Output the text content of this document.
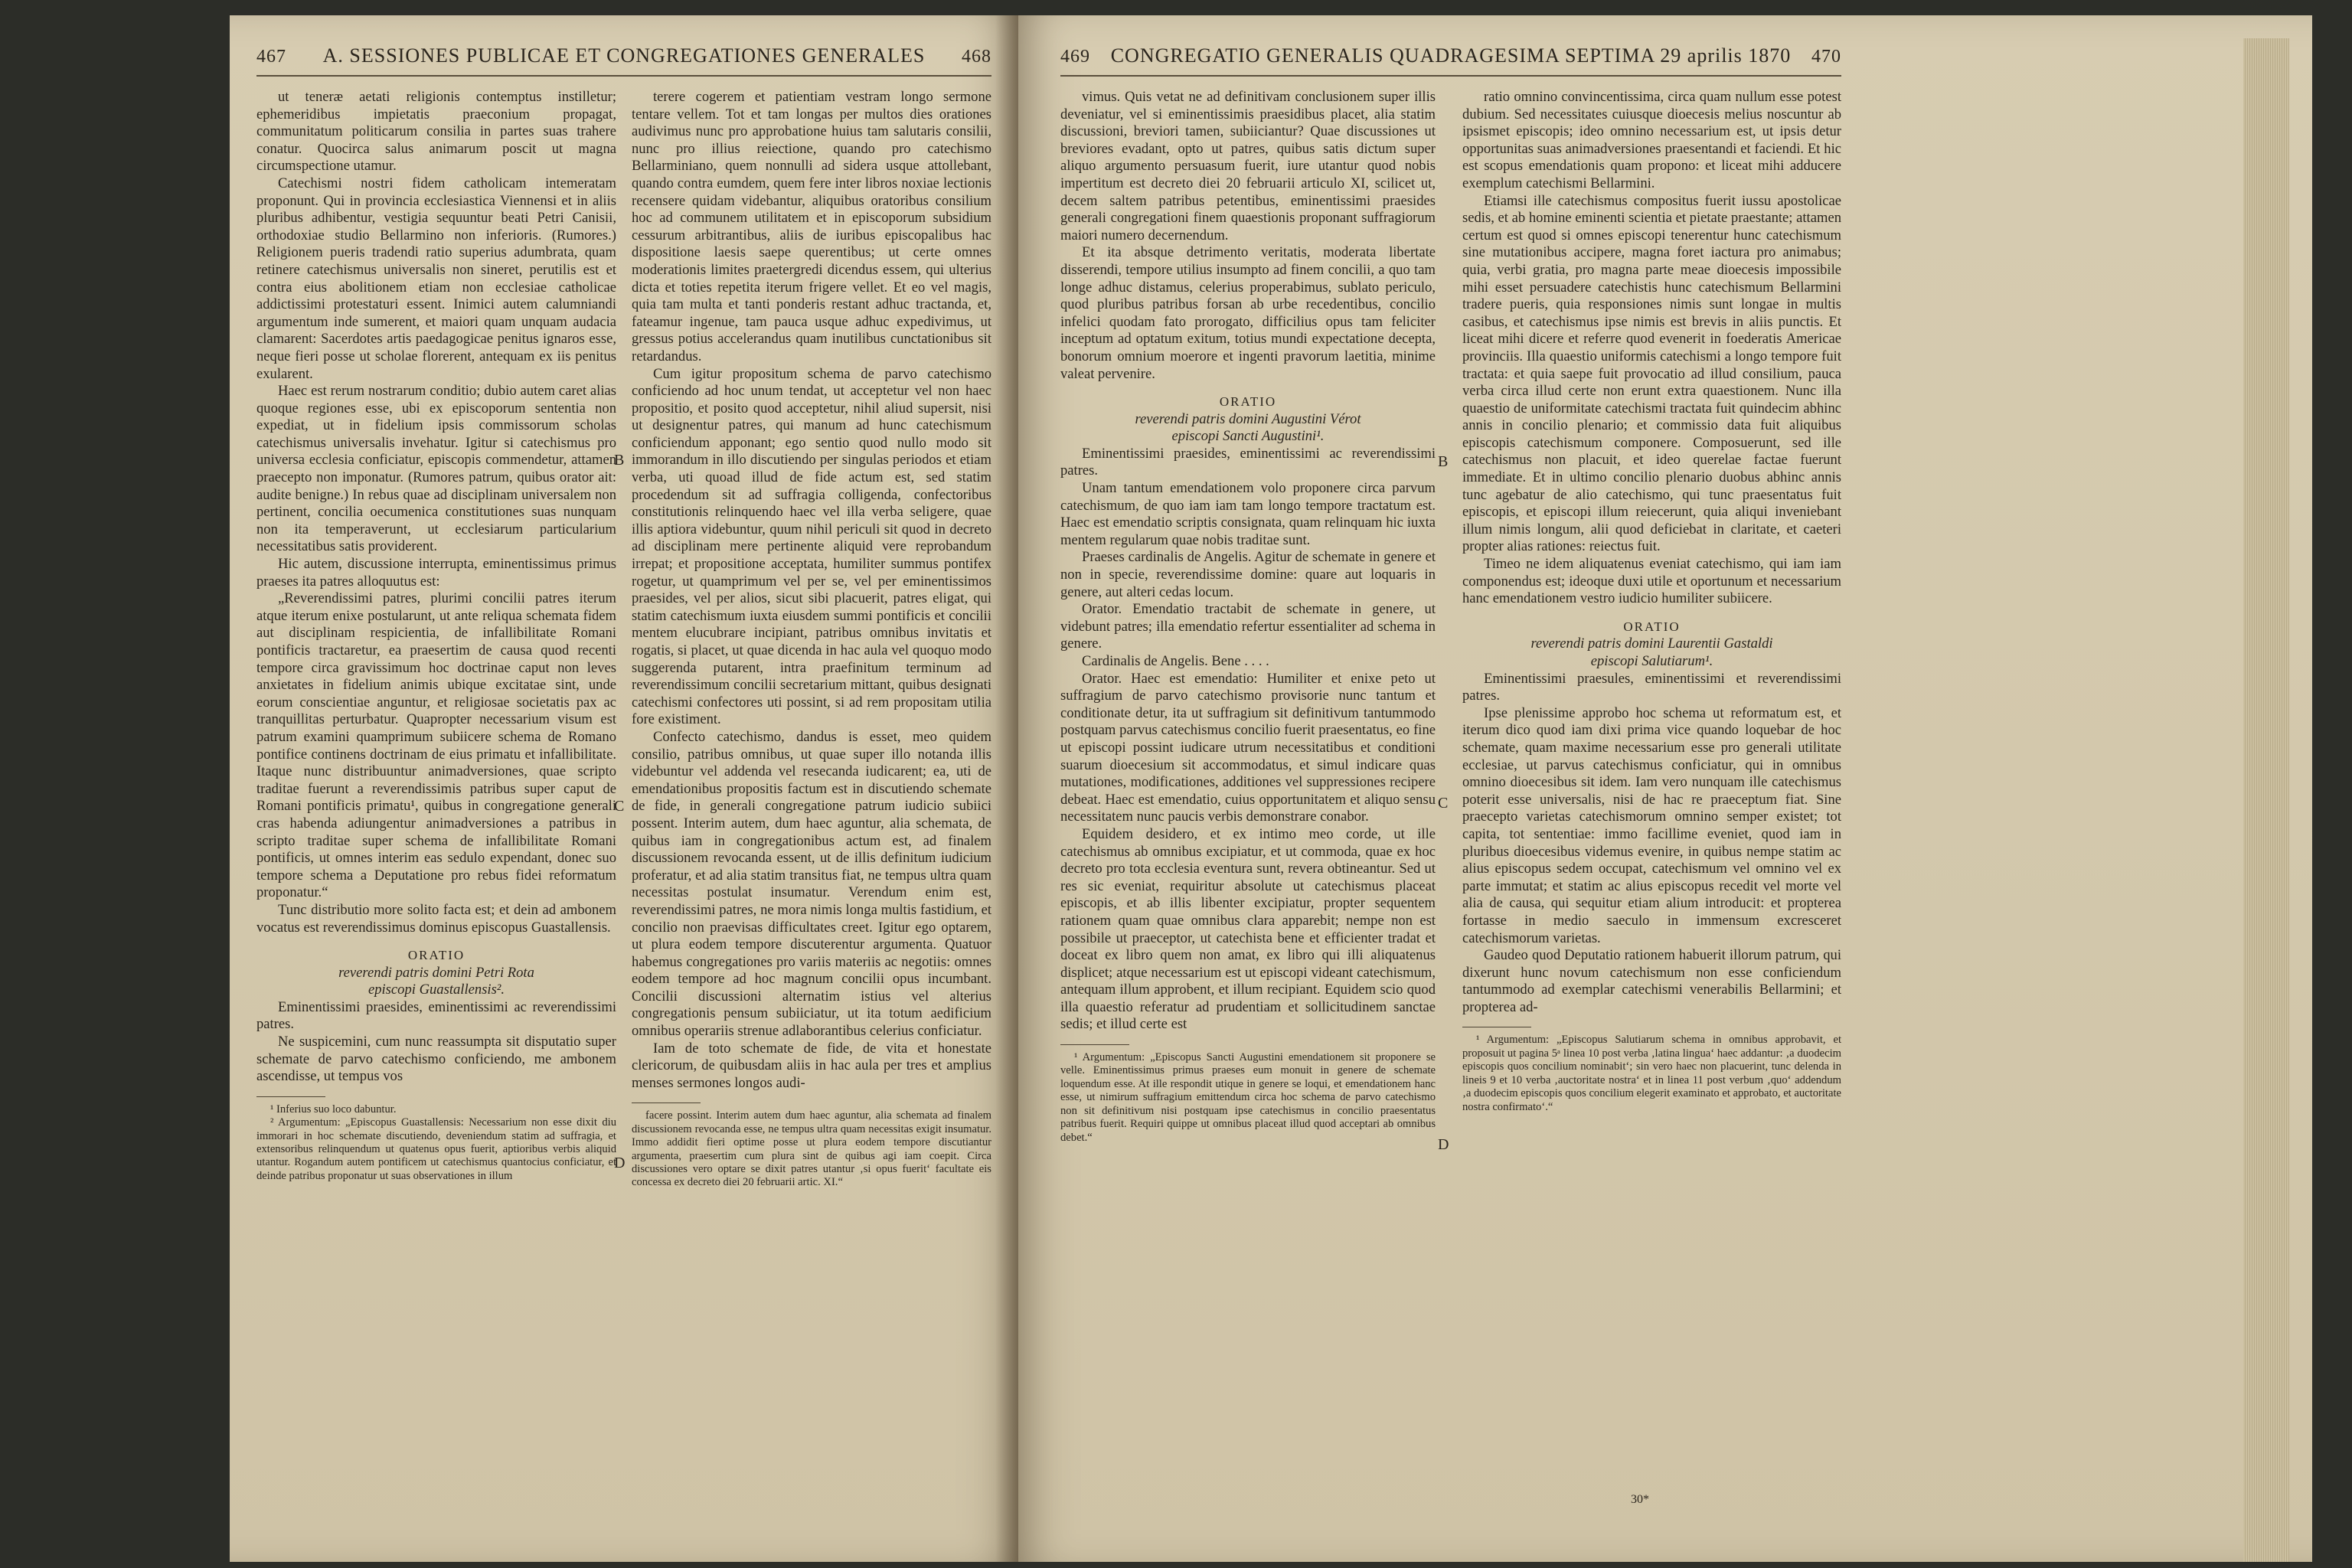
467 A. SESSIONES PUBLICAE ET CONGREGATIONES GENERALES 468

ut teneræ aetati religionis contemptus instilletur; ephemeridibus impietatis praeconium propagat, communitatum politicarum consilia in partes suas trahere conatur. Quocirca salus animarum poscit ut magna circumspectione utamur.

Catechismi nostri fidem catholicam intemeratam proponunt. Qui in provincia ecclesiastica Viennensi et in aliis pluribus adhibentur, vestigia sequuntur beati Petri Canisii, orthodoxiae studio Bellarmino non inferioris. (Rumores.) Religionem pueris tradendi ratio superius adumbrata, quam retinere catechismus universalis non sineret, perutilis est et contra eius abolitionem etiam non ecclesiae catholicae addictissimi protestaturi essent. Inimici autem calumniandi argumentum inde sumerent, et maiori quam unquam audacia clamarent: Sacerdotes artis paedagogicae penitus ignaros esse, neque fieri posse ut scholae florerent, antequam ex iis penitus exularent.

Haec est rerum nostrarum conditio; dubio autem caret alias quoque regiones esse, ubi ex episcoporum sententia non expediat, ut in fidelium ipsis commissorum scholas catechismus universalis invehatur. Igitur si catechismus pro universa ecclesia conficiatur, episcopis commendetur, attamen praecepto non imponatur. (Rumores patrum, quibus orator ait: audite benigne.) In rebus quae ad disciplinam universalem non pertinent, concilia oecumenica constitutiones suas nunquam non ita temperaverunt, ut ecclesiarum particularium necessitatibus satis providerent.

Hic autem, discussione interrupta, eminentissimus primus praeses ita patres alloquutus est:

„Reverendissimi patres, plurimi concilii patres iterum atque iterum enixe postularunt, ut ante reliqua schemata fidem aut disciplinam respicientia, de infallibilitate Romani pontificis tractaretur, ea praesertim de causa quod recenti tempore circa gravissimum hoc doctrinae caput non leves anxietates in fidelium animis ubique excitatae sint, unde eorum conscientiae anguntur, et religiosae societatis pax ac tranquillitas perturbatur. Quapropter necessarium visum est patrum examini quamprimum subiicere schema de Romano pontifice continens doctrinam de eius primatu et infallibilitate. Itaque nunc distribuuntur animadversiones, quae scripto traditae fuerunt a reverendissimis patribus super caput de Romani pontificis primatu¹, quibus in congregatione generali cras habenda adiungentur animadversiones a patribus in scripto traditae super schema de infallibilitate Romani pontificis, ut omnes interim eas sedulo expendant, donec suo tempore schema a Deputatione pro rebus fidei reformatum proponatur.“

Tunc distributio more solito facta est; et dein ad ambonem vocatus est reverendissimus dominus episcopus Guastallensis.

ORATIO

reverendi patris domini Petri Rota

episcopi Guastallensis².

Eminentissimi praesides, eminentissimi ac reverendissimi patres.

Ne suspicemini, cum nunc reassumpta sit disputatio super schemate de parvo catechismo conficiendo, me ambonem ascendisse, ut tempus vos

¹ Inferius suo loco dabuntur.

² Argumentum: „Episcopus Guastallensis: Necessarium non esse dixit diu immorari in hoc schemate discutiendo, deveniendum statim ad suffragia, et extensoribus relinquendum ut quatenus opus fuerit, aptioribus verbis aliquid utantur. Rogandum autem pontificem ut catechismus quantocius conficiatur, et deinde patribus proponatur ut suas observationes in illum

terere cogerem et patientiam vestram longo sermone tentare vellem. Tot et tam longas per multos dies orationes audivimus nunc pro approbatione huius tam salutaris consilii, nunc pro illius reiectione, quando pro catechismo Bellarminiano, quem nonnulli ad sidera usque attollebant, quando contra eumdem, quem fere inter libros noxiae lectionis recensere quidam videbantur, aliquibus oratoribus consilium hoc ad communem utilitatem et in episcoporum subsidium cessurum arbitrantibus, aliis de iuribus episcopalibus hac dispositione laesis saepe querentibus; ut certe omnes moderationis limites praetergredi dicendus essem, qui ulterius dicta et toties repetita iterum frigere vellet. Et eo vel magis, quia tam multa et tanti ponderis restant adhuc tractanda, et, fateamur ingenue, tam pauca usque adhuc expedivimus, ut gressus potius accelerandus quam inutilibus cunctationibus sit retardandus.

Cum igitur propositum schema de parvo catechismo conficiendo ad hoc unum tendat, ut acceptetur vel non haec propositio, et posito quod acceptetur, nihil aliud supersit, nisi ut designentur patres, qui manum ad hunc catechismum conficiendum apponant; ego sentio quod nullo modo sit immorandum in illo discutiendo per singulas periodos et etiam verba, uti quoad illud de fide actum est, sed statim procedendum sit ad suffragia colligenda, confectoribus constitutionis relinquendo haec vel illa verba seligere, quae illis aptiora videbuntur, quum nihil periculi sit quod in decreto ad disciplinam mere pertinente aliquid vere reprobandum irrepat; et propositione acceptata, humiliter summus pontifex rogetur, ut quamprimum vel per se, vel per eminentissimos praesides, vel per alios, sicut sibi placuerit, patres eligat, qui statim catechismum iuxta eiusdem summi pontificis et concilii mentem elucubrare incipiant, patribus omnibus invitatis et rogatis, si placet, ut quae dicenda in hac aula vel quoquo modo suggerenda putarent, intra praefinitum terminum ad reverendissimum concilii secretarium mittant, quibus designati catechismi confectores uti possint, si ad rem propositam utilia fore existiment.

Confecto catechismo, dandus is esset, meo quidem consilio, patribus omnibus, ut quae super illo notanda illis videbuntur vel addenda vel resecanda iudicarent; ea, uti de emendationibus propositis factum est in discutiendo schemate de fide, in generali congregatione patrum iudicio subiici possent. Interim autem, dum haec aguntur, alia schemata, de quibus iam in congregationibus actum est, ad finalem discussionem revocanda essent, ut de illis definitum iudicium proferatur, et ad alia statim transitus fiat, ne tempus ultra quam necessitas postulat insumatur. Verendum enim est, reverendissimi patres, ne mora nimis longa multis fastidium, et concilio non praevisas difficultates creet. Igitur ego optarem, ut plura eodem tempore discuterentur argumenta. Quatuor habemus congregationes pro variis materiis ac negotiis: omnes eodem tempore ad hoc magnum concilii opus incumbant. Concilii discussioni alternatim istius vel alterius congregationis pensum subiiciatur, ut ita totum aedificium omnibus operariis strenue adlaborantibus celerius conficiatur.

Iam de toto schemate de fide, de vita et honestate clericorum, de quibusdam aliis in hac aula per tres et amplius menses sermones longos audi-

facere possint. Interim autem dum haec aguntur, alia schemata ad finalem discussionem revocanda esse, ne tempus ultra quam necessitas exigit insumatur. Immo addidit fieri optime posse ut plura eodem tempore discutiantur argumenta, praesertim cum plura sint de quibus agi iam coepit. Circa discussiones vero optare se dixit patres utantur ‚si opus fuerit‘ facultate eis concessa ex decreto diei 20 februarii artic. XI.“

B
C
D
469 CONGREGATIO GENERALIS QUADRAGESIMA SEPTIMA 29 aprilis 1870 470

vimus. Quis vetat ne ad definitivam conclusionem super illis deveniatur, vel si eminentissimis praesidibus placet, alia statim discussioni, breviori tamen, subiiciantur? Quae discussiones ut breviores evadant, opto ut patres, quibus satis dictum super aliquo argumento persuasum fuerit, iure utantur quod nobis impertitum est decreto diei 20 februarii articulo XI, scilicet ut, decem saltem patribus petentibus, eminentissimi praesides generali congregationi finem quaestionis proponant suffragiorum maiori numero decernendum.

Et ita absque detrimento veritatis, moderata libertate disserendi, tempore utilius insumpto ad finem concilii, a quo tam longe adhuc distamus, celerius properabimus, sublato periculo, quod pluribus patribus forsan ab urbe recedentibus, concilio infelici quodam fato prorogato, difficilius opus tam feliciter inceptum ad optatum exitum, totius mundi expectatione decepta, bonorum omnium moerore et ingenti pravorum laetitia, minime valeat pervenire.

ORATIO

reverendi patris domini Augustini Vérot

episcopi Sancti Augustini¹.

Eminentissimi praesides, eminentissimi ac reverendissimi patres.

Unam tantum emendationem volo proponere circa parvum catechismum, de quo iam iam tam longo tempore tractatum est. Haec est emendatio scriptis consignata, quam relinquam hic iuxta mentem regularum quae nobis traditae sunt.

Praeses cardinalis de Angelis. Agitur de schemate in genere et non in specie, reverendissime domine: quare aut loquaris in genere, aut alteri cedas locum.

Orator. Emendatio tractabit de schemate in genere, ut videbunt patres; illa emendatio refertur essentialiter ad schema in genere.

Cardinalis de Angelis. Bene . . . .

Orator. Haec est emendatio: Humiliter et enixe peto ut suffragium de parvo catechismo provisorie nunc tantum et conditionate detur, ita ut suffragium sit definitivum tantummodo postquam parvus catechismus concilio fuerit praesentatus, eo fine ut episcopi possint iudicare utrum necessitatibus et conditioni suarum dioecesium sit accommodatus, et simul indicare quas mutationes, modificationes, additiones vel suppressiones recipere debeat. Haec est emendatio, cuius opportunitatem et aliquo sensu necessitatem nunc paucis verbis demonstrare conabor.

Equidem desidero, et ex intimo meo corde, ut ille catechismus ab omnibus excipiatur, et ut commoda, quae ex hoc decreto pro tota ecclesia eventura sunt, revera obtineantur. Sed ut res sic eveniat, requiritur absolute ut catechismus placeat episcopis, et ab illis libenter excipiatur, propter sequentem rationem quam quae omnibus clara apparebit; nempe non est possibile ut praeceptor, ut catechista bene et efficienter tradat et doceat ex libro quem non amat, ex libro qui illi aliquatenus displicet; atque necessarium est ut episcopi videant catechismum, antequam illum approbent, et illum recipiant. Equidem scio quod illa quaestio referatur ad prudentiam et sollicitudinem sanctae sedis; et illud certe est

¹ Argumentum: „Episcopus Sancti Augustini emendationem sit proponere se velle. Eminentissimus primus praeses eum monuit in genere de schemate loquendum esse. At ille respondit utique in genere se loqui, et emendationem hanc esse, ut nimirum suffragium emittendum circa hoc schema de parvo catechismo non sit definitivum nisi postquam ipse catechismus in concilio praesentatus patribus fuerit. Requiri quippe ut omnibus placeat illud quod acceptari ab omnibus debet.“

ratio omnino convincentissima, circa quam nullum esse potest dubium. Sed necessitates cuiusque dioecesis melius noscuntur ab ipsismet episcopis; ideo omnino necessarium est, ut ipsis detur opportunitas suas animadversiones praesentandi et faciendi. Et hic est scopus emendationis quam propono: et liceat mihi adducere exemplum catechismi Bellarmini.

Etiamsi ille catechismus compositus fuerit iussu apostolicae sedis, et ab homine eminenti scientia et pietate praestante; attamen certum est quod si omnes episcopi tenerentur hunc catechismum sine mutationibus accipere, magna foret iactura pro animabus; quia, verbi gratia, pro magna parte meae dioecesis impossibile mihi esset persuadere catechistis hunc catechismum Bellarmini tradere pueris, quia responsiones nimis sunt longae in multis casibus, et catechismus ipse nimis est brevis in aliis punctis. Et liceat mihi dicere et referre quod evenerit in foederatis Americae provinciis. Illa quaestio uniformis catechismi a longo tempore fuit tractata: et quia saepe fuit provocatio ad illud consilium, pauca verba circa illud certe non erunt extra quaestionem. Nunc illa quaestio de uniformitate catechismi tractata fuit quindecim abhinc annis in concilio plenario; et commissio data fuit aliquibus episcopis catechismum componere. Composuerunt, sed ille catechismus non placuit, et ideo querelae factae fuerunt immediate. Et in ultimo concilio plenario duobus abhinc annis tunc agebatur de alio catechismo, qui tunc praesentatus fuit episcopis, et episcopi illum reiecerunt, quia aliqui inveniebant illum nimis longum, alii quod deficiebat in claritate, et caeteri propter alias rationes: reiectus fuit.

Timeo ne idem aliquatenus eveniat catechismo, qui iam iam componendus est; ideoque duxi utile et oportunum et necessarium hanc emendationem vestro iudicio humiliter subiicere.

ORATIO

reverendi patris domini Laurentii Gastaldi

episcopi Salutiarum¹.

Eminentissimi praesules, eminentissimi et reverendissimi patres.

Ipse plenissime approbo hoc schema ut reformatum est, et iterum dico quod iam dixi prima vice quando loquebar de hoc schemate, quam maxime necessarium esse pro generali utilitate ecclesiae, ut parvus catechismus conficiatur, qui in omnibus omnino dioecesibus sit idem. Iam vero nunquam ille catechismus poterit esse universalis, nisi de hac re praeceptum fiat. Sine praecepto varietas catechismorum omnino semper existet; tot capita, tot sententiae: immo facillime eveniet, quod iam in pluribus dioecesibus videmus evenire, in quibus nempe statim ac alius episcopus sedem occupat, catechismum vel omnino vel ex parte immutat; et statim ac alius episcopus recedit vel morte vel alia de causa, qui sequitur etiam alium introducit: et propterea fortasse in medio saeculo in immensum excresceret catechismorum varietas.

Gaudeo quod Deputatio rationem habuerit illorum patrum, qui dixerunt hunc novum catechismum non esse conficiendum tantummodo ad exemplar catechismi venerabilis Bellarmini; et propterea ad-

¹ Argumentum: „Episcopus Salutiarum schema in omnibus approbavit, et proposuit ut pagina 5ᵃ linea 10 post verba ‚latina lingua‘ haec addantur: ‚a duodecim episcopis quos concilium nominabit‘; sin vero haec non placuerint, tunc delenda in lineis 9 et 10 verba ‚auctoritate nostra‘ et in linea 11 post verbum ‚quo‘ addendum ‚a duodecim episcopis quos concilium elegerit examinato et approbato, et auctoritate nostra confirmato‘.“

B
C
D
30*
